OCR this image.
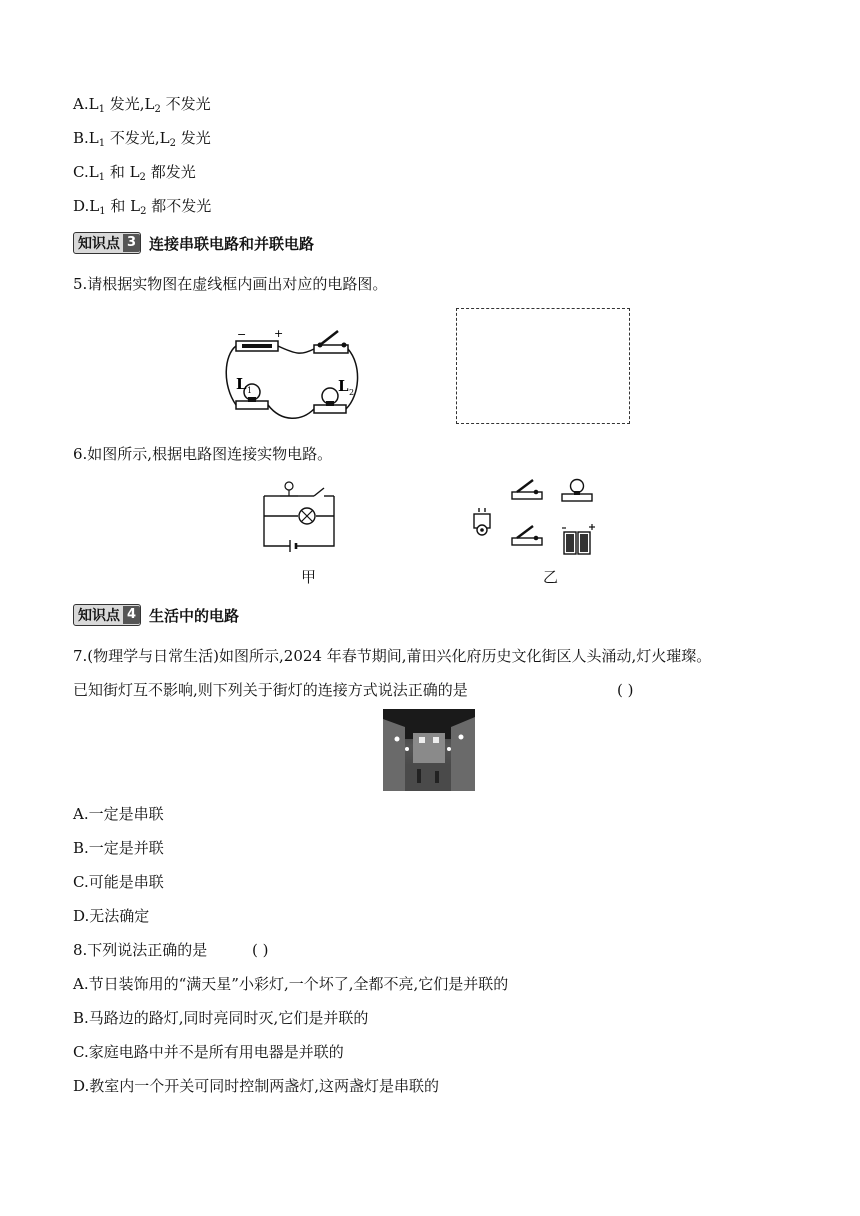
$A.L_1$ 发光$,L_2$ 不发光
$B.L_1$ 不发光$,L_2$ 发光
$C.L_1$ 和 $L_2$ 都发光
$D.L_1$ 和 $L_2$ 都不发光
知识点 3 连接串联电路和并联电路
5.请根据实物图在虚线框内画出对应的电路图。
−	+
L 1	L 2
6.如图所示,根据电路图连接实物电路。
甲	乙
知识点 4 生活中的电路
7.(物理学与日常生活)如图所示,2024 年春节期间,莆田兴化府历史文化街区人头涌动,灯火璀璨。
已知街灯互不影响,则下列关于街灯的连接方式说法正确的是	( )
A.一定是串联
B.一定是并联
C.可能是串联
D.无法确定
8.下列说法正确的是	( )
A.节日装饰用的“满天星”小彩灯,一个坏了,全都不亮,它们是并联的
B.马路边的路灯,同时亮同时灭,它们是并联的
C.家庭电路中并不是所有用电器是并联的
D.教室内一个开关可同时控制两盏灯,这两盏灯是串联的
